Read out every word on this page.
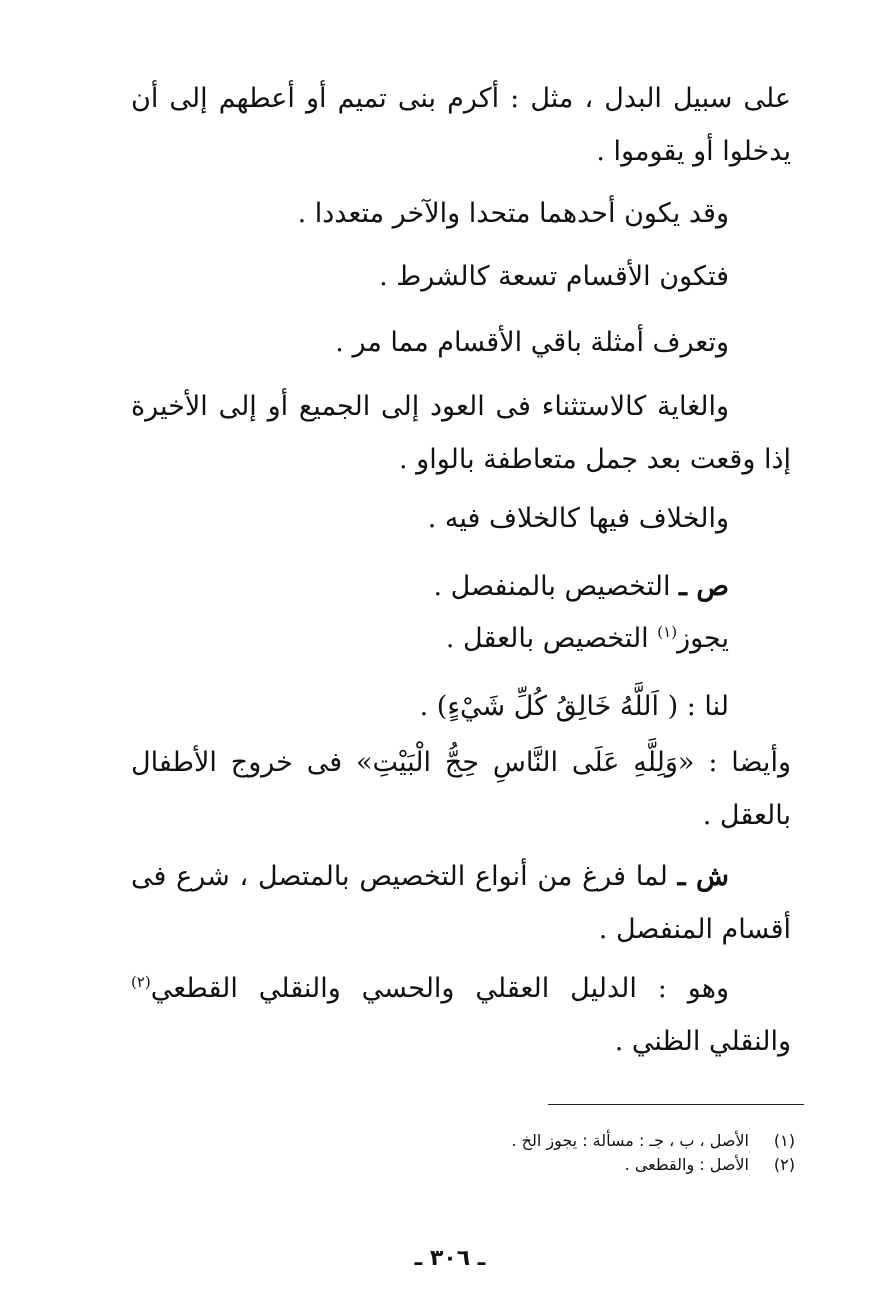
على سبيل البدل ، مثل : أكرم بنى تميم أو أعطهم إلى أن يدخلوا أو يقوموا .
وقد يكون أحدهما متحدا والآخر متعددا .
فتكون الأقسام تسعة كالشرط .
وتعرف أمثلة باقي الأقسام مما مر .
والغاية كالاستثناء فى العود إلى الجميع أو إلى الأخيرة إذا وقعت بعد جمل متعاطفة بالواو .
والخلاف فيها كالخلاف فيه .
ص ـ التخصيص بالمنفصل .
يجوز$^{(١)}$ التخصيص بالعقل .
لنا : ( اَللَّهُ خَالِقُ كُلِّ شَيْءٍ) .
وأيضا : «وَلِلَّهِ عَلَى النَّاسِ حِجُّ الْبَيْتِ» فى خروج الأطفال بالعقل .
ش ـ لما فرغ من أنواع التخصيص بالمتصل ، شرع فى أقسام المنفصل .
وهو : الدليل العقلي والحسي والنقلي القطعي$^{(٢)}$ والنقلي الظني .
(١)الأصل ، ب ، جـ : مسألة : يجوز الخ .
(٢)الأصل : والقطعى .
ـ ٣٠٦ ـ
